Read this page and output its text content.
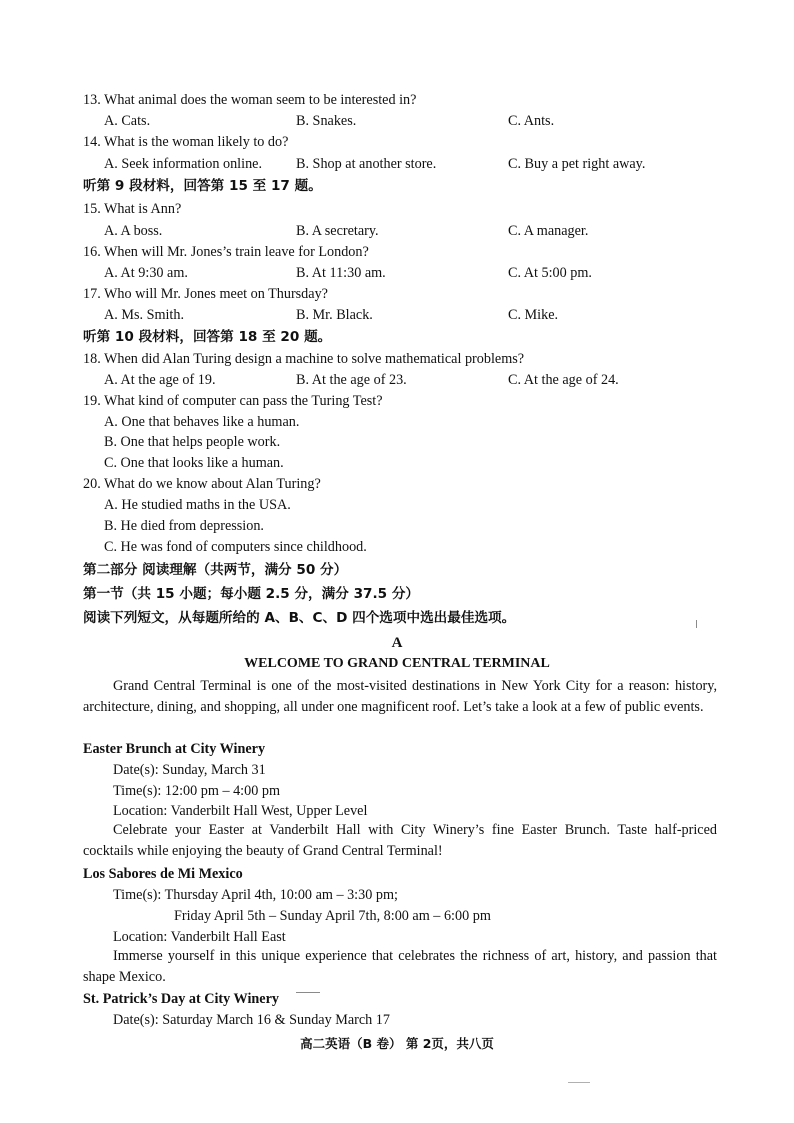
13. What animal does the woman seem to be interested in?
A. Cats.	B. Snakes.	C. Ants.
14. What is the woman likely to do?
A. Seek information online. B. Shop at another store.	C. Buy a pet right away.
听第 9 段材料，回答第 15 至 17 题。
15. What is Ann?
A. A boss.	B. A secretary.	C. A manager.
16. When will Mr. Jones’s train leave for London?
A. At 9:30 am.	B. At 11:30 am.	C. At 5:00 pm.
17. Who will Mr. Jones meet on Thursday?
A. Ms. Smith.	B. Mr. Black.	C. Mike.
听第 10 段材料，回答第 18 至 20 题。
18. When did Alan Turing design a machine to solve mathematical problems?
A. At the age of 19.	B. At the age of 23.	C. At the age of 24.
19. What kind of computer can pass the Turing Test?
A. One that behaves like a human.
B. One that helps people work.
C. One that looks like a human.
20. What do we know about Alan Turing?
A. He studied maths in the USA.
B. He died from depression.
C. He was fond of computers since childhood.
第二部分 阅读理解（共两节，满分 50 分）
第一节（共 15 小题；每小题 2.5 分，满分 37.5 分）
阅读下列短文，从每题所给的 A、B、C、D 四个选项中选出最佳选项。
A
WELCOME TO GRAND CENTRAL TERMINAL
Grand Central Terminal is one of the most-visited destinations in New York City for a reason: history, architecture, dining, and shopping, all under one magnificent roof. Let’s take a look at a few of public events.
Easter Brunch at City Winery
Date(s): Sunday, March 31
Time(s): 12:00 pm – 4:00 pm
Location: Vanderbilt Hall West, Upper Level
Celebrate your Easter at Vanderbilt Hall with City Winery’s fine Easter Brunch. Taste half-priced cocktails while enjoying the beauty of Grand Central Terminal!
Los Sabores de Mi Mexico
Time(s): Thursday April 4th, 10:00 am – 3:30 pm;
Friday April 5th – Sunday April 7th, 8:00 am – 6:00 pm
Location: Vanderbilt Hall East
Immerse yourself in this unique experience that celebrates the richness of art, history, and passion that shape Mexico.
St. Patrick’s Day at City Winery
Date(s): Saturday March 16 & Sunday March 17
高二英语（B 卷） 第 2页，共八页
